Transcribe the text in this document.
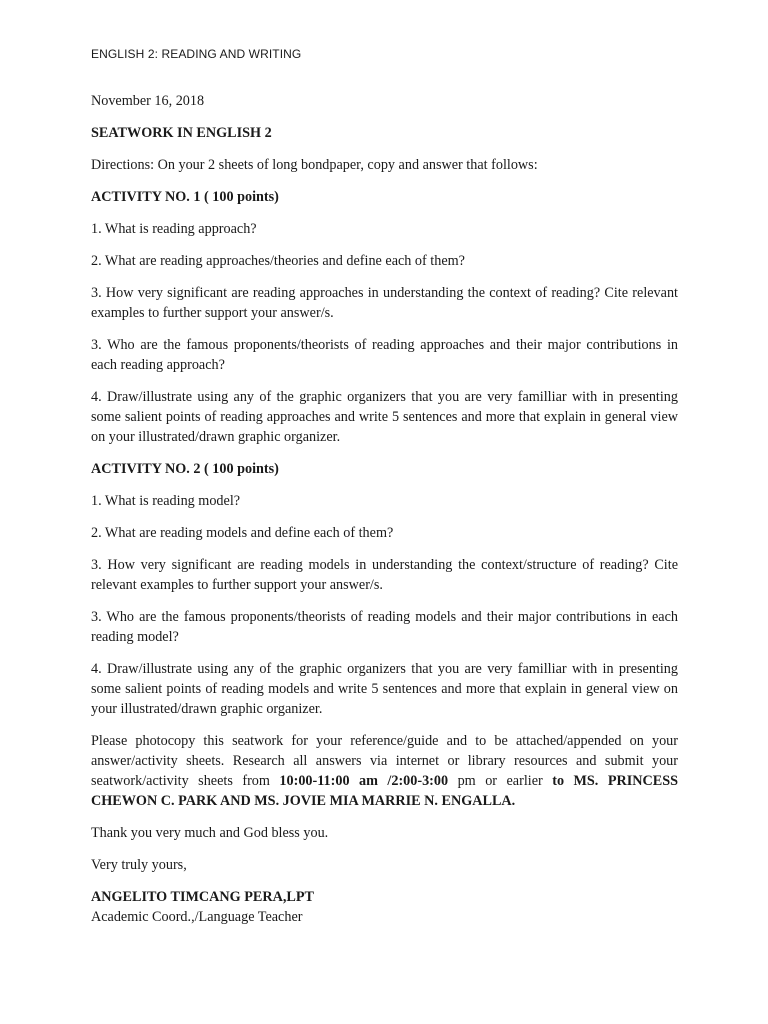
ENGLISH 2: READING AND WRITING

November 16, 2018

SEATWORK IN ENGLISH 2

Directions: On your 2 sheets of long bondpaper, copy and answer that follows:

ACTIVITY NO. 1 ( 100 points)

1. What is reading approach?

2. What are reading approaches/theories and define each of them?

3. How very significant are reading approaches in understanding the context of reading? Cite relevant examples to further support your answer/s.

3. Who are the famous proponents/theorists of reading approaches and their major contributions in each reading approach?

4. Draw/illustrate using any of the graphic organizers that you are very familliar with in presenting some salient points of reading approaches and write 5 sentences and more that explain in general view on your illustrated/drawn graphic organizer.

ACTIVITY NO. 2 ( 100 points)

1. What is reading model?

2. What are reading models and define each of them?

3. How very significant are reading models in understanding the context/structure of reading? Cite relevant examples to further support your answer/s.

3. Who are the famous proponents/theorists of reading models and their major contributions in each reading model?

4. Draw/illustrate using any of the graphic organizers that you are very familliar with in presenting some salient points of reading models and write 5 sentences and more that explain in general view on your illustrated/drawn graphic organizer.

Please photocopy this seatwork for your reference/guide and to be attached/appended on your answer/activity sheets. Research all answers via internet or library resources and submit your seatwork/activity sheets from 10:00-11:00 am /2:00-3:00 pm or earlier to MS. PRINCESS CHEWON C. PARK AND MS. JOVIE MIA MARRIE N. ENGALLA.

Thank you very much and God bless you.

Very truly yours,

ANGELITO TIMCANG PERA,LPT

Academic Coord.,/Language Teacher
